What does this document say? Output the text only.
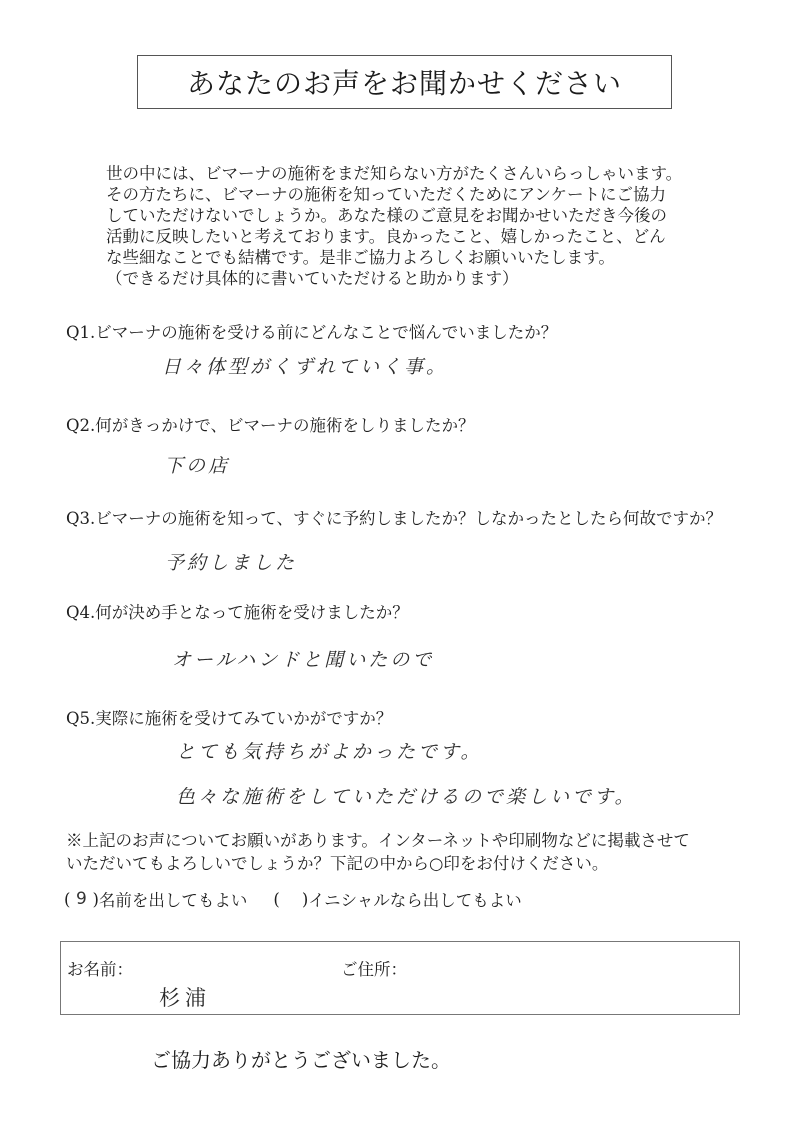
あなたのお声をお聞かせください
世の中には、ビマーナの施術をまだ知らない方がたくさんいらっしゃいます。
その方たちに、ビマーナの施術を知っていただくためにアンケートにご協力
していただけないでしょうか。あなた様のご意見をお聞かせいただき今後の
活動に反映したいと考えております。良かったこと、嬉しかったこと、どん
な些細なことでも結構です。是非ご協力よろしくお願いいたします。
（できるだけ具体的に書いていただけると助かります）
Q1.ビマーナの施術を受ける前にどんなことで悩んでいましたか？
日々体型がくずれていく事。
Q2.何がきっかけで、ビマーナの施術をしりましたか？
下の店
Q3.ビマーナの施術を知って、すぐに予約しましたか？しなかったとしたら何故ですか？
予約しました
Q4.何が決め手となって施術を受けましたか？
オールハンドと聞いたので
Q5.実際に施術を受けてみていかがですか？
とても気持ちがよかったです。
色々な施術をしていただけるので楽しいです。
※上記のお声についてお願いがあります。インターネットや印刷物などに掲載させて
いただいてもよろしいでしょうか？下記の中から○印をお付けください。
( 9 ) 名前を出してもよい ( ) イニシャルなら出してもよい
お名前：	ご住所：
杉浦
ご協力ありがとうございました。
